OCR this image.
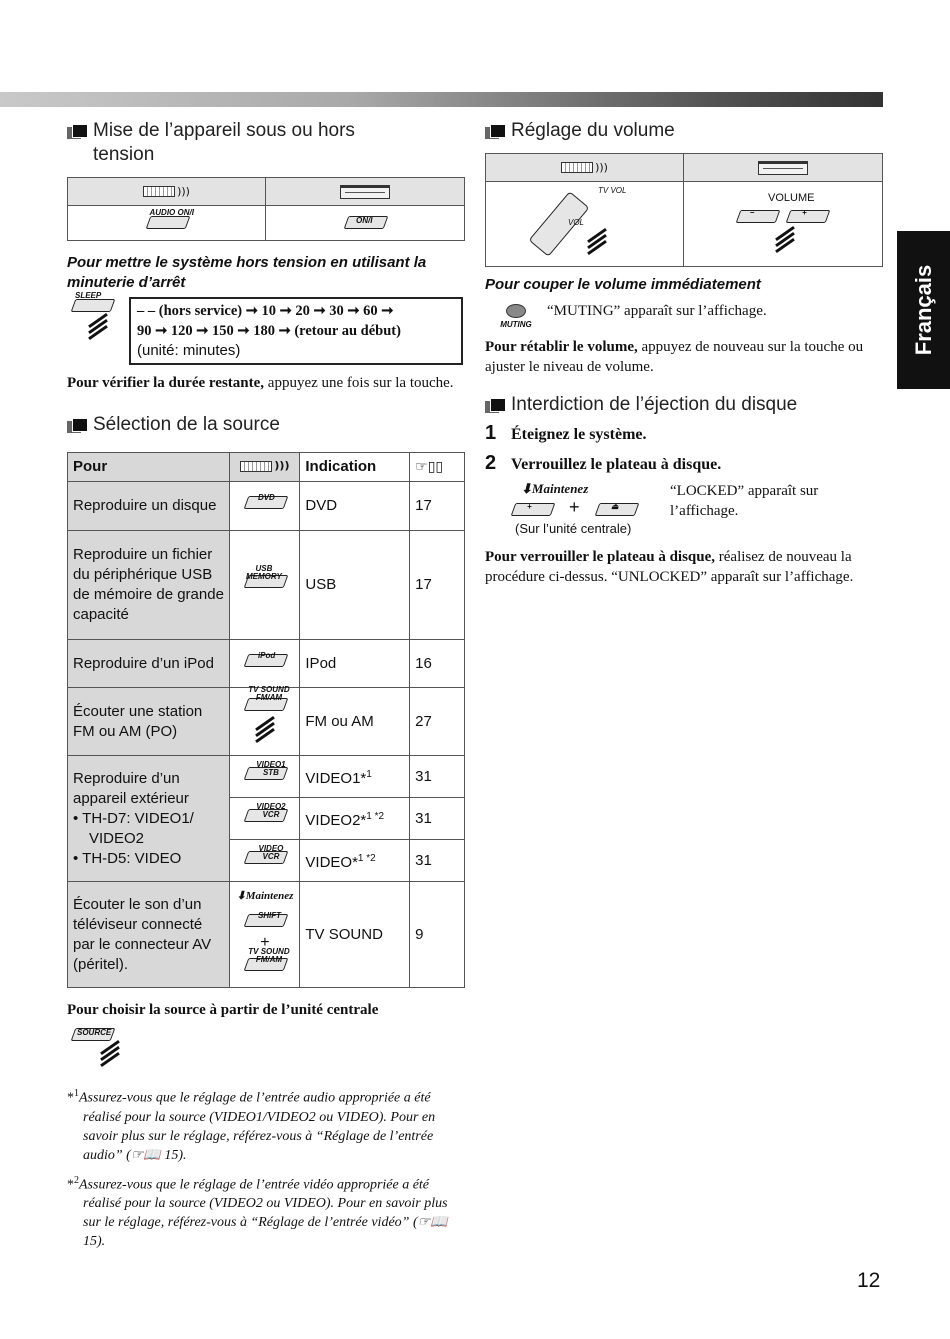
Français
Mise de l’appareil sous ou hors
tension
)))
AUDIO ON/I
ON/I
Pour mettre le système hors tension en utilisant la minuterie d’arrêt
SLEEP
– – (hors service) ➞ 10 ➞ 20 ➞ 30 ➞ 60 ➞
90 ➞ 120 ➞ 150 ➞ 180 ➞ (retour au début)
(unité: minutes)
Pour vérifier la durée restante, appuyez une fois sur la touche.
Sélection de la source
Pour	)))	Indication	☞▯▯
Reproduire un disque	DVD	DVD	17
Reproduire un fichier du périphérique USB de mémoire de grande capacité	USB MEMORY	USB	17
Reproduire d’un iPod	iPod	IPod	16
Écouter une station FM ou AM (PO)	TV SOUND FM/AM	FM ou AM	27

Reproduire d’un appareil extérieur
• TH-D7: VIDEO1/ VIDEO2
• TH-D5: VIDEO	VIDEO1 STB	VIDEO1*$^1$	31

	VIDEO2 VCR	VIDEO2*$^{1 *2}$	31

	VIDEO VCR	VIDEO*$^{1 *2}$	31
Écouter le son d’un téléviseur connecté par le connecteur AV (péritel).	⬇Maintenez
SHIFT
+
TV SOUND FM/AM	TV SOUND	9
Pour choisir la source à partir de l’unité centrale
SOURCE
*$^1$Assurez-vous que le réglage de l’entrée audio appropriée a été réalisé pour la source (VIDEO1/VIDEO2 ou VIDEO). Pour en savoir plus sur le réglage, référez-vous à “Réglage de l’entrée audio” (☞📖 15).
*$^2$Assurez-vous que le réglage de l’entrée vidéo appropriée a été réalisé pour la source (VIDEO2 ou VIDEO). Pour en savoir plus sur le réglage, référez-vous à “Réglage de l’entrée vidéo” (☞📖 15).
Réglage du volume
)))
TV VOL
VOL
VOLUME
–	+
Pour couper le volume immédiatement
MUTING
“MUTING” apparaît sur l’affichage.
Pour rétablir le volume, appuyez de nouveau sur la touche ou ajuster le niveau de volume.
Interdiction de l’éjection du disque
1 Éteignez le système.
2 Verrouillez le plateau à disque.
⬇Maintenez
+ +	⏏
(Sur l’unité centrale)
“LOCKED” apparaît sur l’affichage.
Pour verrouiller le plateau à disque, réalisez de nouveau la procédure ci-dessus. “UNLOCKED” apparaît sur l’affichage.
12
